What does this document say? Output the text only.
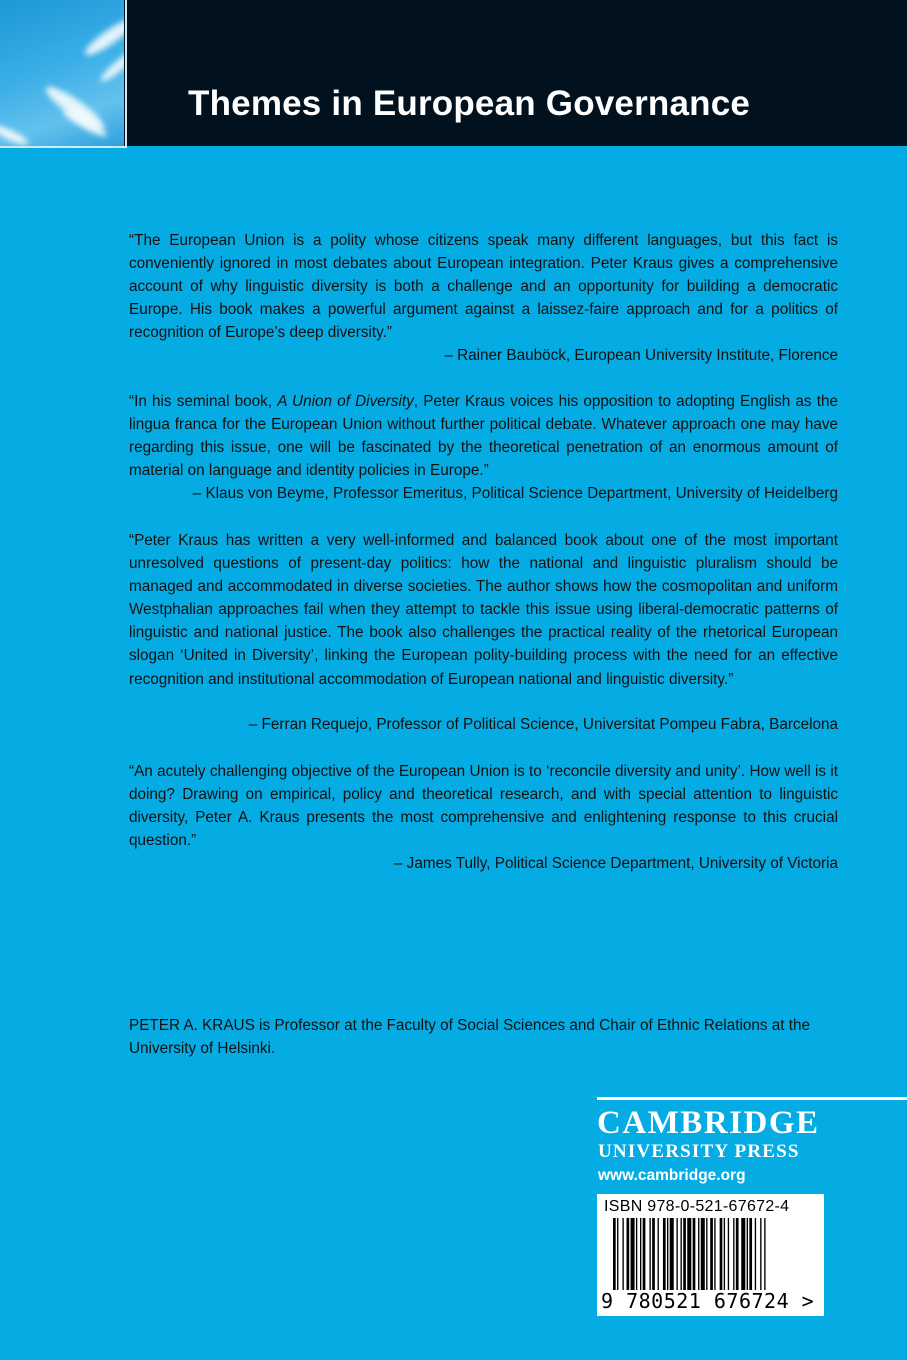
Themes in European Governance
“The European Union is a polity whose citizens speak many different languages, but this fact is conveniently ignored in most debates about European integration. Peter Kraus gives a comprehensive account of why linguistic diversity is both a challenge and an opportunity for building a democratic Europe. His book makes a powerful argument against a laissez-faire approach and for a politics of recognition of Europe’s deep diversity.”
– Rainer Bauböck, European University Institute, Florence
“In his seminal book, A Union of Diversity, Peter Kraus voices his opposition to adopting English as the lingua franca for the European Union without further political debate. Whatever approach one may have regarding this issue, one will be fascinated by the theoretical penetration of an enormous amount of material on language and identity policies in Europe.”
– Klaus von Beyme, Professor Emeritus, Political Science Department, University of Heidelberg
“Peter Kraus has written a very well-informed and balanced book about one of the most important unresolved questions of present-day politics: how the national and linguistic pluralism should be managed and accommodated in diverse societies. The author shows how the cosmopolitan and uniform Westphalian approaches fail when they attempt to tackle this issue using liberal-democratic patterns of linguistic and national justice. The book also challenges the practical reality of the rhetorical European slogan ‘United in Diversity’, linking the European polity-building process with the need for an effective recognition and institutional accommodation of European national and linguistic diversity.”
– Ferran Requejo, Professor of Political Science, Universitat Pompeu Fabra, Barcelona
“An acutely challenging objective of the European Union is to ‘reconcile diversity and unity’. How well is it doing? Drawing on empirical, policy and theoretical research, and with special attention to linguistic diversity, Peter A. Kraus presents the most comprehensive and enlightening response to this crucial question.”
– James Tully, Political Science Department, University of Victoria
PETER A. KRAUS is Professor at the Faculty of Social Sciences and Chair of Ethnic Relations at the University of Helsinki.
CAMBRIDGE
UNIVERSITY PRESS
www.cambridge.org
ISBN 978-0-521-67672-4
9 780521 676724 >
